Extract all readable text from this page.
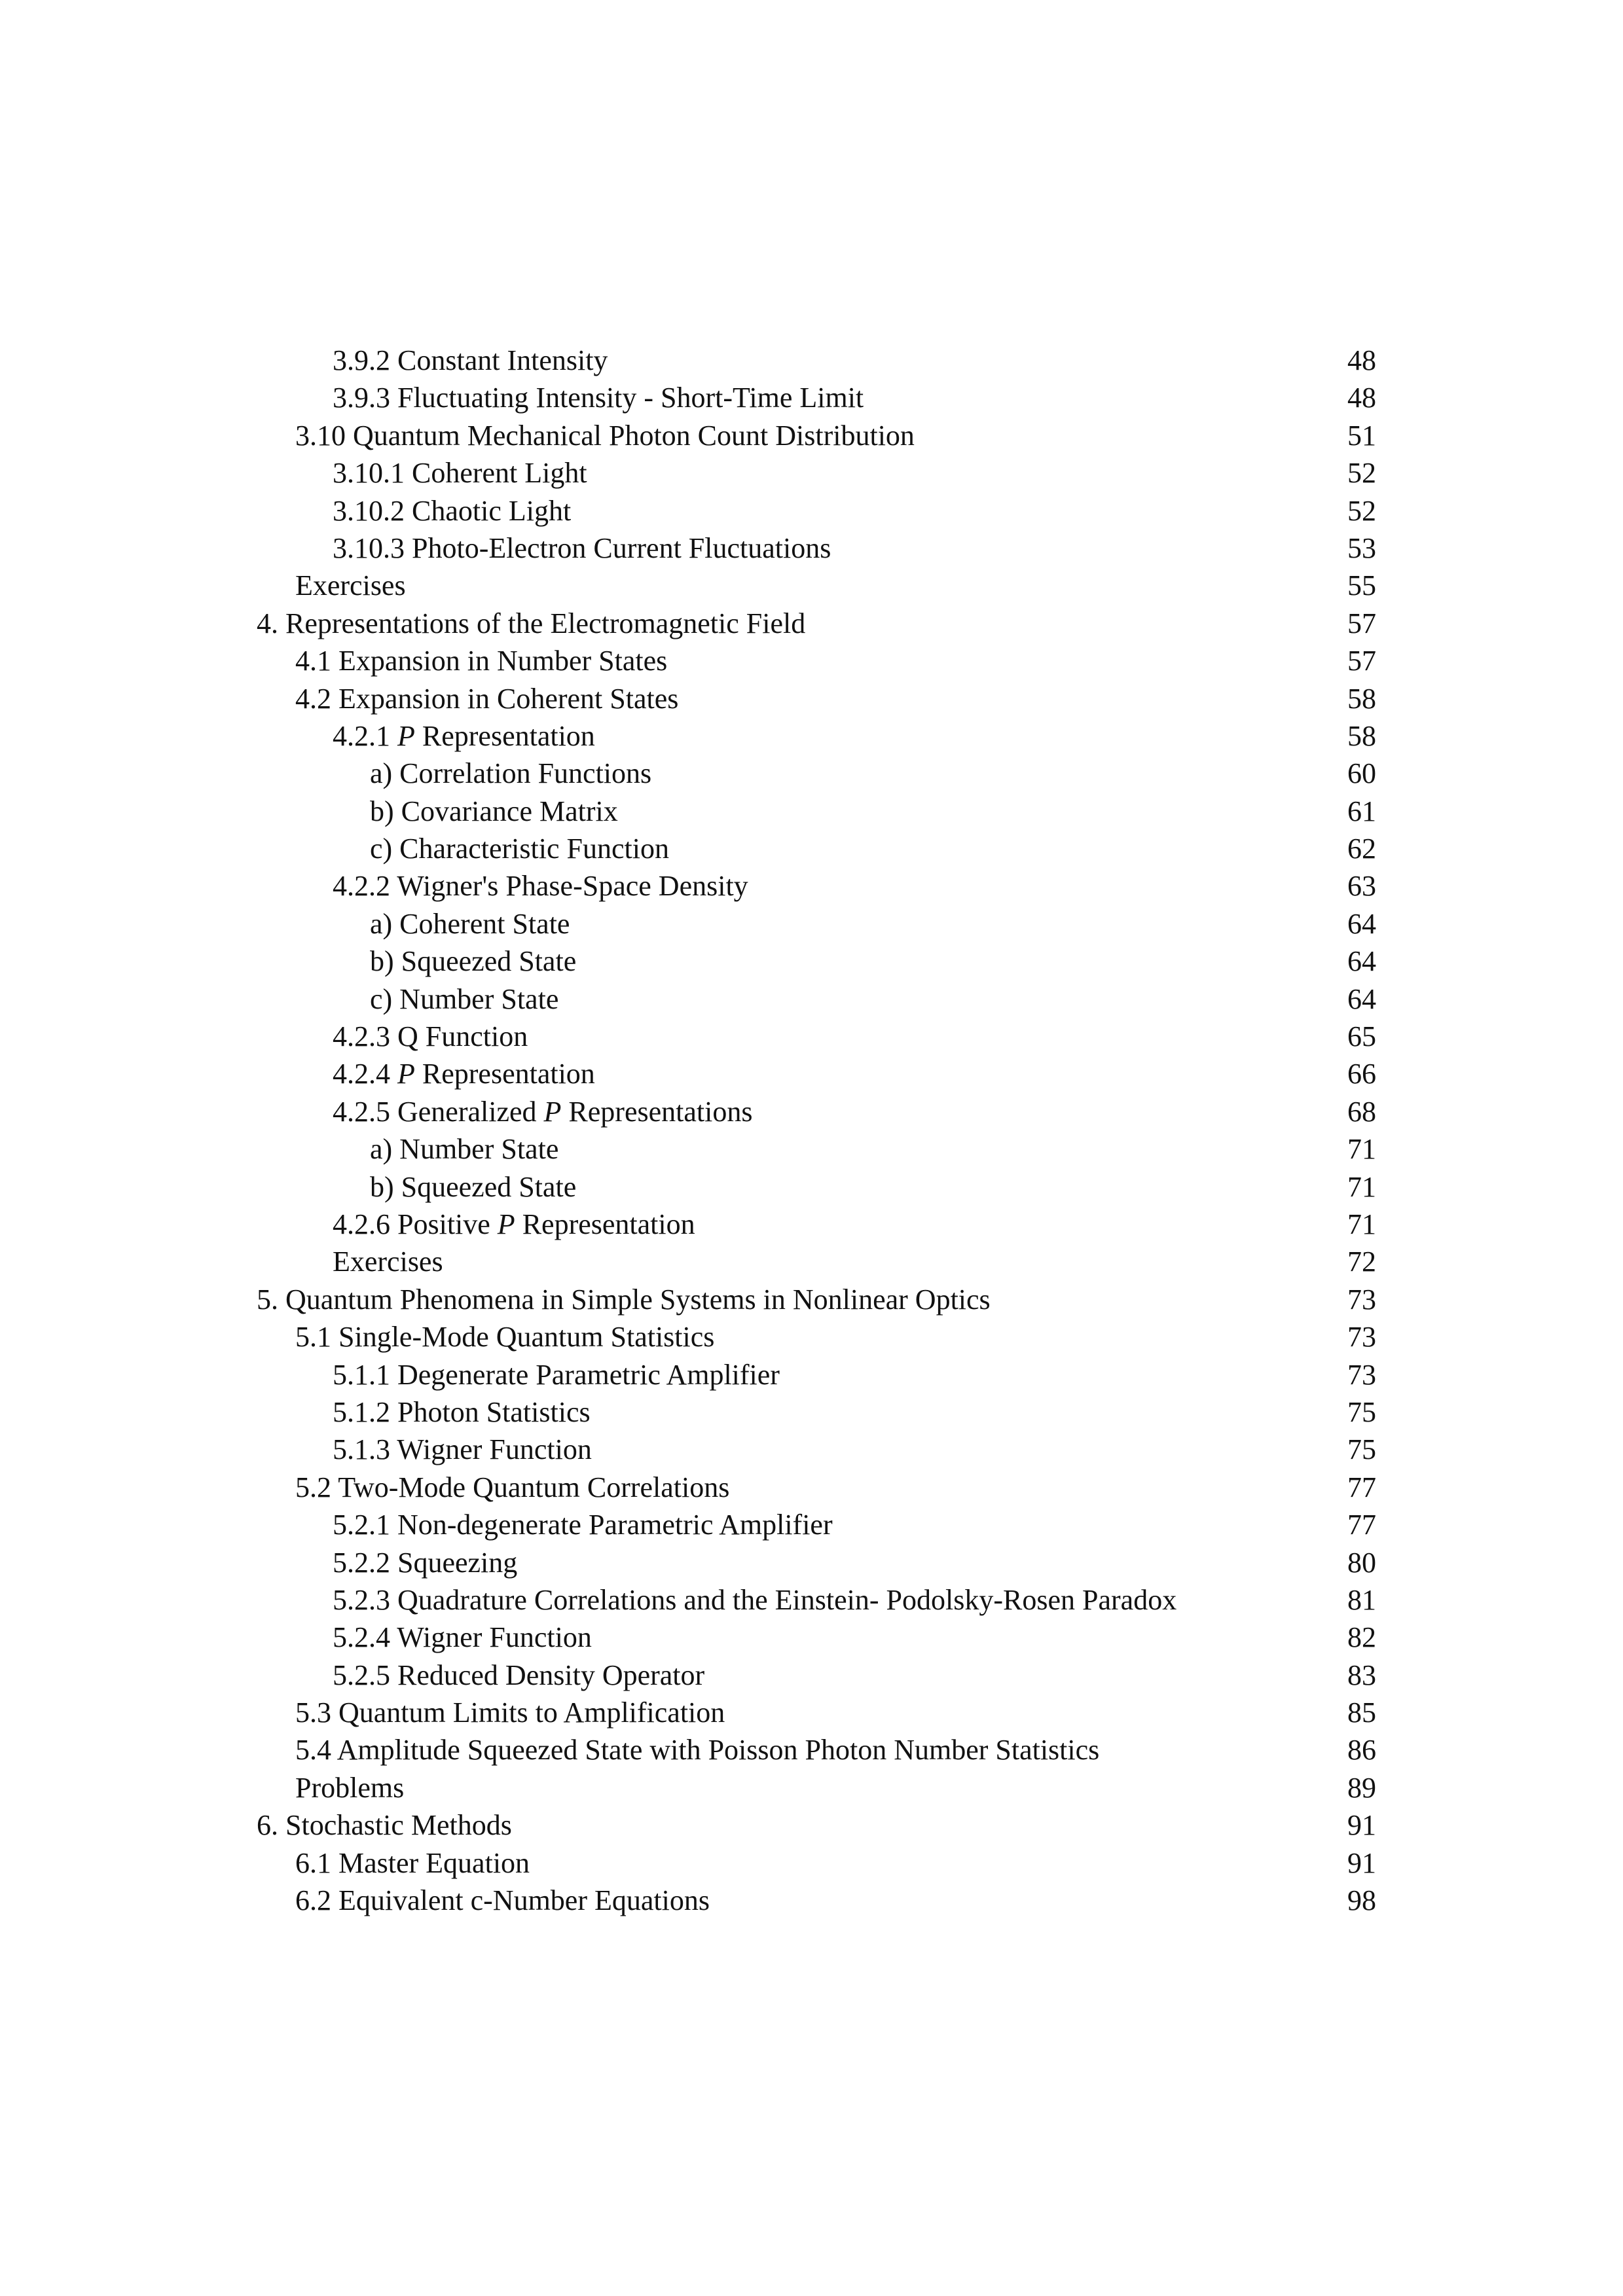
3.9.2 Constant Intensity	48
3.9.3 Fluctuating Intensity - Short-Time Limit	48
3.10 Quantum Mechanical Photon Count Distribution	51
3.10.1 Coherent Light	52
3.10.2 Chaotic Light	52
3.10.3 Photo-Electron Current Fluctuations	53
Exercises	55
4. Representations of the Electromagnetic Field	57
4.1 Expansion in Number States	57
4.2 Expansion in Coherent States	58
4.2.1 P Representation	58
a) Correlation Functions	60
b) Covariance Matrix	61
c) Characteristic Function	62
4.2.2 Wigner's Phase-Space Density	63
a) Coherent State	64
b) Squeezed State	64
c) Number State	64
4.2.3 Q Function	65
4.2.4 P Representation	66
4.2.5 Generalized P Representations	68
a) Number State	71
b) Squeezed State	71
4.2.6 Positive P Representation	71
Exercises	72
5. Quantum Phenomena in Simple Systems in Nonlinear Optics	73
5.1 Single-Mode Quantum Statistics	73
5.1.1 Degenerate Parametric Amplifier	73
5.1.2 Photon Statistics	75
5.1.3 Wigner Function	75
5.2 Two-Mode Quantum Correlations	77
5.2.1 Non-degenerate Parametric Amplifier	77
5.2.2 Squeezing	80
5.2.3 Quadrature Correlations and the Einstein- Podolsky-Rosen Paradox	81
5.2.4 Wigner Function	82
5.2.5 Reduced Density Operator	83
5.3 Quantum Limits to Amplification	85
5.4 Amplitude Squeezed State with Poisson Photon Number Statistics	86
Problems	89
6. Stochastic Methods	91
6.1 Master Equation	91
6.2 Equivalent c-Number Equations	98
